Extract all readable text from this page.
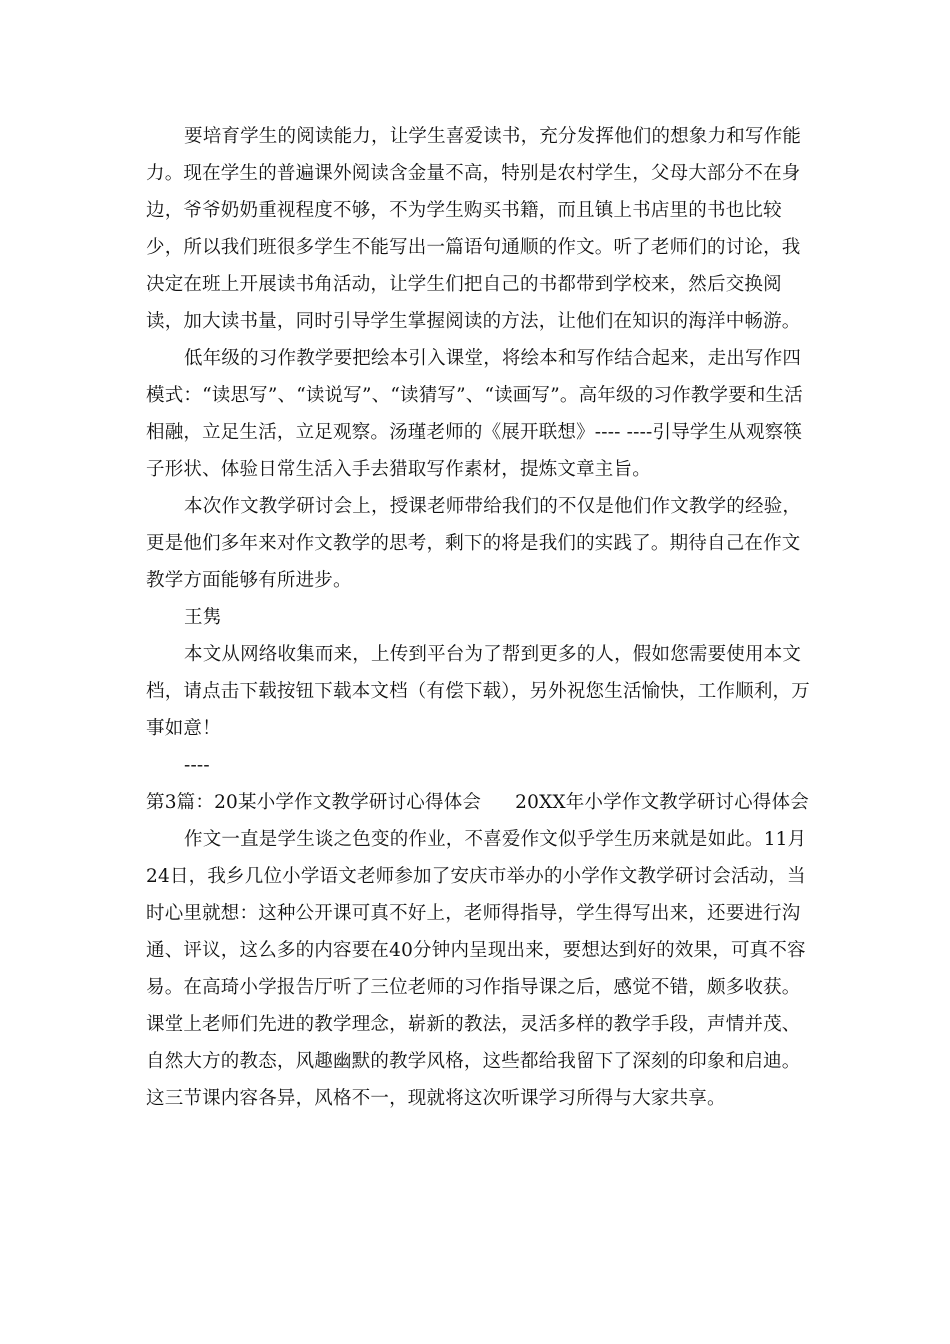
要培育学生的阅读能力，让学生喜爱读书，充分发挥他们的想象力和写作能力。现在学生的普遍课外阅读含金量不高，特别是农村学生，父母大部分不在身边，爷爷奶奶重视程度不够，不为学生购买书籍，而且镇上书店里的书也比较少，所以我们班很多学生不能写出一篇语句通顺的作文。听了老师们的讨论，我决定在班上开展读书角活动，让学生们把自己的书都带到学校来，然后交换阅读，加大读书量，同时引导学生掌握阅读的方法，让他们在知识的海洋中畅游。

低年级的习作教学要把绘本引入课堂，将绘本和写作结合起来，走出写作四模式：“读思写”、“读说写”、“读猜写”、“读画写”。高年级的习作教学要和生活相融，立足生活，立足观察。汤瑾老师的《展开联想》---- ----引导学生从观察筷子形状、体验日常生活入手去猎取写作素材，提炼文章主旨。

本次作文教学研讨会上，授课老师带给我们的不仅是他们作文教学的经验，更是他们多年来对作文教学的思考，剩下的将是我们的实践了。期待自己在作文教学方面能够有所进步。

王隽

本文从网络收集而来，上传到平台为了帮到更多的人，假如您需要使用本文档，请点击下载按钮下载本文档（有偿下载），另外祝您生活愉快，工作顺利，万事如意！

----

第3篇：20某小学作文教学研讨心得体会 20XX年小学作文教学研讨心得体会

作文一直是学生谈之色变的作业，不喜爱作文似乎学生历来就是如此。11月24日，我乡几位小学语文老师参加了安庆市举办的小学作文教学研讨会活动，当时心里就想：这种公开课可真不好上，老师得指导，学生得写出来，还要进行沟通、评议，这么多的内容要在40分钟内呈现出来，要想达到好的效果，可真不容易。在高琦小学报告厅听了三位老师的习作指导课之后，感觉不错，颇多收获。课堂上老师们先进的教学理念，崭新的教法，灵活多样的教学手段，声情并茂、自然大方的教态，风趣幽默的教学风格，这些都给我留下了深刻的印象和启迪。这三节课内容各异，风格不一，现就将这次听课学习所得与大家共享。
